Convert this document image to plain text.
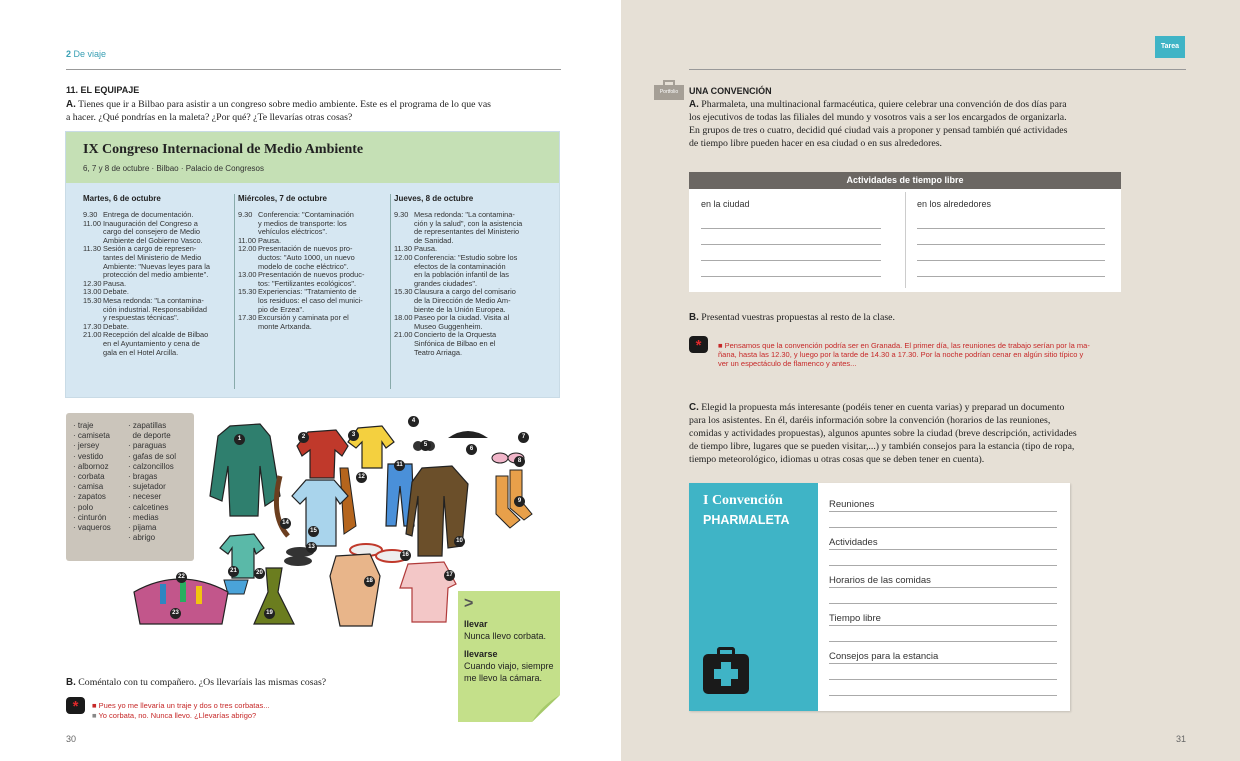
2 De viaje
11. EL EQUIPAJE
A. Tienes que ir a Bilbao para asistir a un congreso sobre medio ambiente. Este es el programa de lo que vas
a hacer. ¿Qué pondrías en la maleta? ¿Por qué? ¿Te llevarías otras cosas?
IX Congreso Internacional de Medio Ambiente
6, 7 y 8 de octubre · Bilbao · Palacio de Congresos
Martes, 6 de octubre
9.30 Entrega de documentación.
11.00 Inauguración del Congreso a
cargo del consejero de Medio
Ambiente del Gobierno Vasco.
11.30 Sesión a cargo de represen-
tantes del Ministerio de Medio
Ambiente: "Nuevas leyes para la
protección del medio ambiente".
12.30 Pausa.
13.00 Debate.
15.30 Mesa redonda: "La contamina-
ción industrial. Responsabilidad
y respuestas técnicas".
17.30 Debate.
21.00 Recepción del alcalde de Bilbao
en el Ayuntamiento y cena de
gala en el Hotel Arcilla.
Miércoles, 7 de octubre
9.30 Conferencia: "Contaminación
y medios de transporte: los
vehículos eléctricos".
11.00 Pausa.
12.00 Presentación de nuevos pro-
ductos: "Auto 1000, un nuevo
modelo de coche eléctrico".
13.00 Presentación de nuevos produc-
tos: "Fertilizantes ecológicos".
15.30 Experiencias: "Tratamiento de
los residuos: el caso del munici-
pio de Erzea".
17.30 Excursión y caminata por el
monte Artxanda.
Jueves, 8 de octubre
9.30 Mesa redonda: "La contamina-
ción y la salud", con la asistencia
de representantes del Ministerio
de Sanidad.
11.30 Pausa.
12.00 Conferencia: "Estudio sobre los
efectos de la contaminación
en la población infantil de las
grandes ciudades".
15.30 Clausura a cargo del comisario
de la Dirección de Medio Am-
biente de la Unión Europea.
18.00 Paseo por la ciudad. Visita al
Museo Guggenheim.
21.00 Concierto de la Orquesta
Sinfónica de Bilbao en el
Teatro Arriaga.
· traje
· camiseta
· jersey
· vestido
· albornoz
· corbata
· camisa
· zapatos
· polo
· cinturón
· vaqueros
· zapatillas
de deporte
· paraguas
· gafas de sol
· calzoncillos
· bragas
· sujetador
· neceser
· calcetines
· medias
· pijama
· abrigo
1	2	3
4
5
6
7
8
9
10
11
12
13
14
15
16
17
18
19
20
21
22
23
>
llevar
Nunca llevo corbata.
llevarse
Cuando viajo, siempre
me llevo la cámara.
B. Coméntalo con tu compañero. ¿Os llevaríais las mismas cosas?
*	■ Pues yo me llevaría un traje y dos o tres corbatas...
■ Yo corbata, no. Nunca llevo. ¿Llevarías abrigo?
30
Tarea
Portfolio	UNA CONVENCIÓN
A. Pharmaleta, una multinacional farmacéutica, quiere celebrar una convención de dos días para
los ejecutivos de todas las filiales del mundo y vosotros vais a ser los encargados de organizarla.
En grupos de tres o cuatro, decidid qué ciudad vais a proponer y pensad también qué actividades
de tiempo libre pueden hacer en esa ciudad o en sus alrededores.
Actividades de tiempo libre
en la ciudad	en los alrededores
B. Presentad vuestras propuestas al resto de la clase.
*	■ Pensamos que la convención podría ser en Granada. El primer día, las reuniones de trabajo serían por la ma-
ñana, hasta las 12.30, y luego por la tarde de 14.30 a 17.30. Por la noche podrían cenar en algún sitio típico y
ver un espectáculo de flamenco y antes...
C. Elegid la propuesta más interesante (podéis tener en cuenta varias) y preparad un documento
para los asistentes. En él, daréis información sobre la convención (horarios de las reuniones,
comidas y actividades propuestas), algunos apuntes sobre la ciudad (breve descripción, actividades
de tiempo libre, lugares que se pueden visitar,...) y también consejos para la estancia (tipo de ropa,
tiempo meteorológico, idiomas u otras cosas que se deben tener en cuenta).
I Convención
PHARMALETA
Reuniones
Actividades
Horarios de las comidas
Tiempo libre
Consejos para la estancia
31
